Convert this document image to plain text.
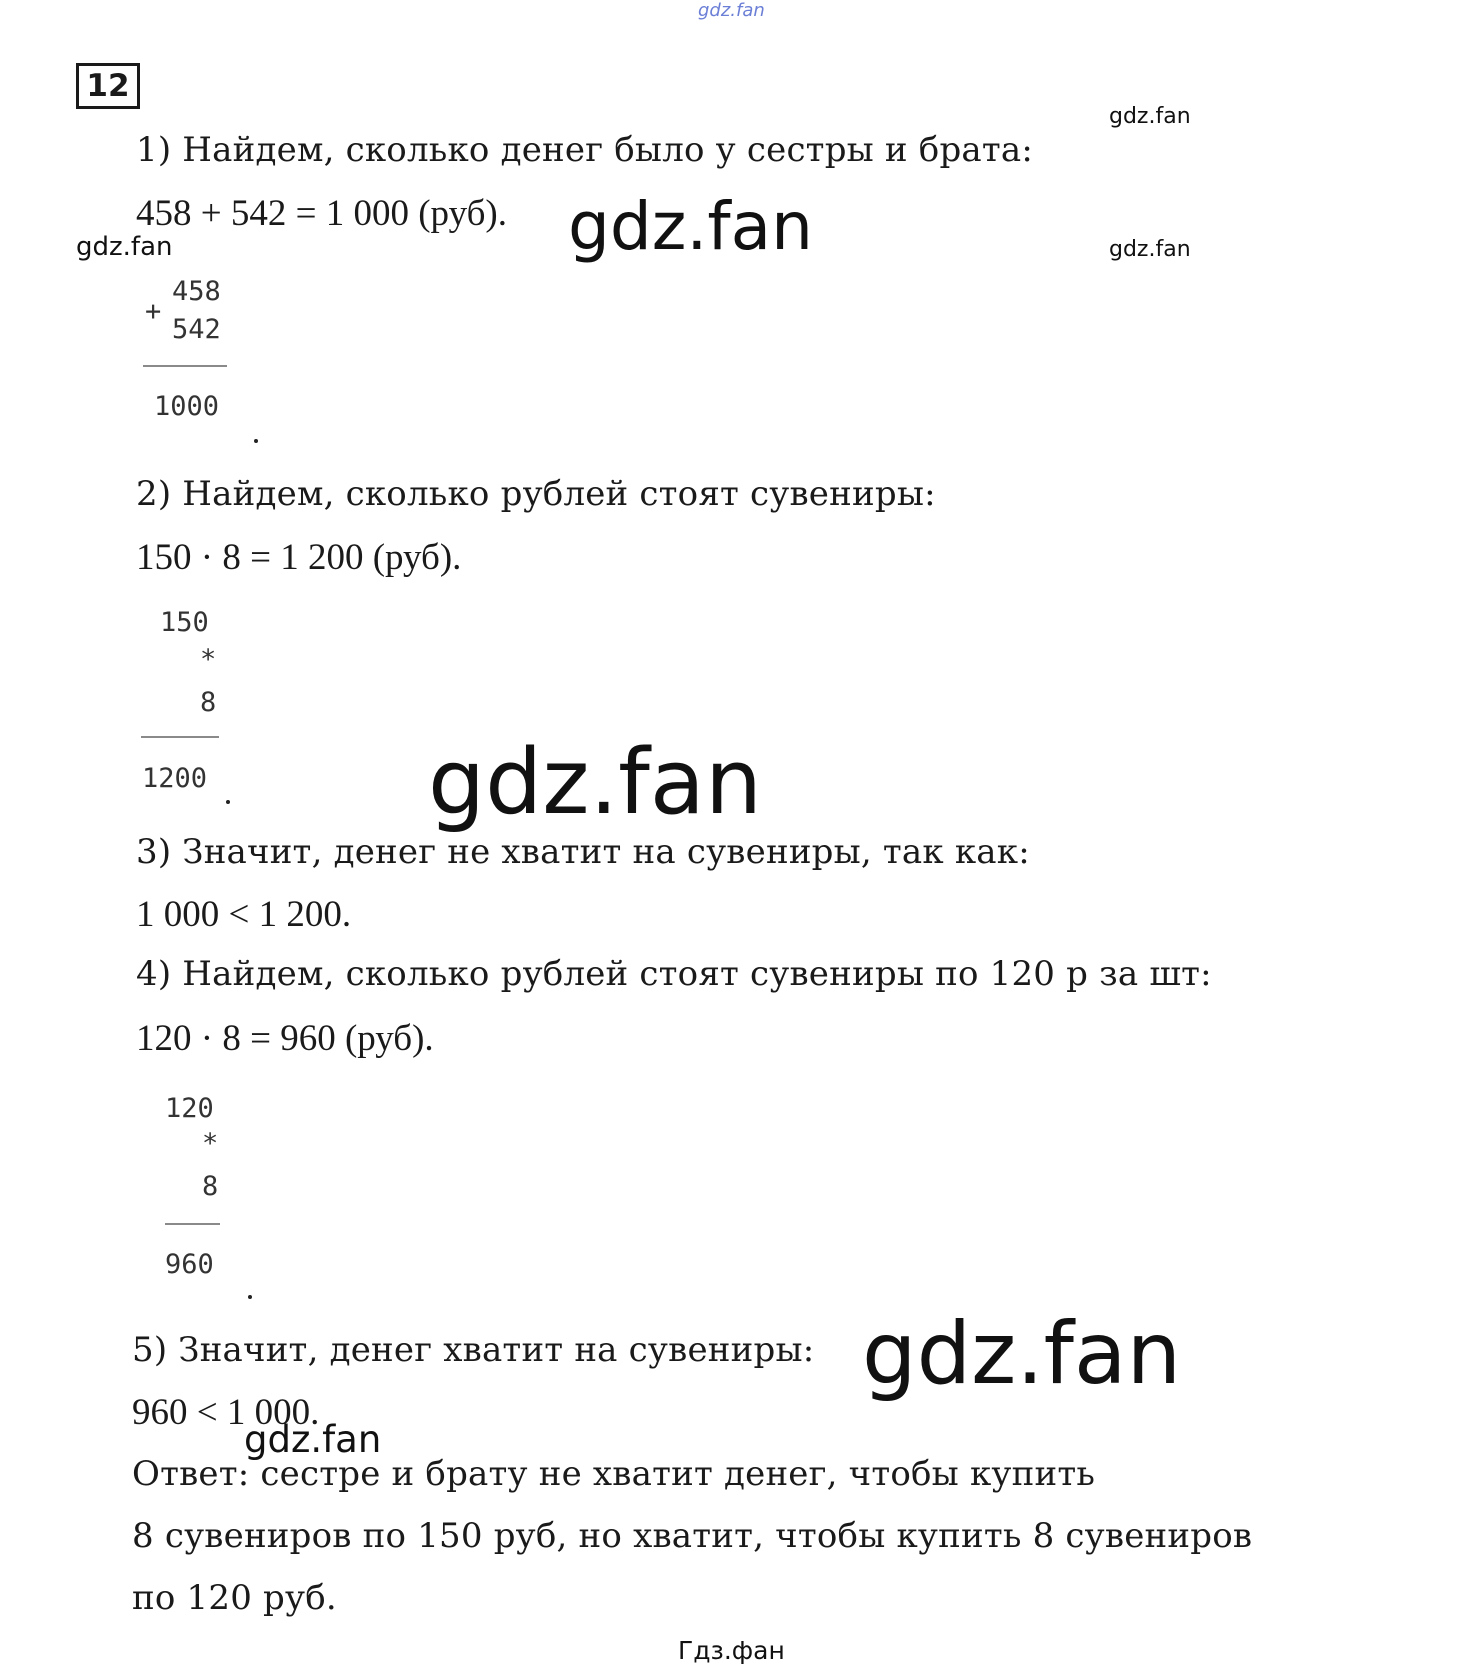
gdz.fan
12
gdz.fan
gdz.fan
gdz.fan
1) Найдем, сколько денег было у сестры и брата:
458 + 542 = 1 000 (руб). gdz.fan
458
+
542
1000
2) Найдем, сколько рублей стоят сувениры:
150 · 8 = 1 200 (руб).
150
*
8
1200 gdz.fan
3) Значит, денег не хватит на сувениры, так как:
1 000 < 1 200.
4) Найдем, сколько рублей стоят сувениры по 120 р за шт:
120 · 8 = 960 (руб).
120
*
8
960
5) Значит, денег хватит на сувениры:
960 < 1 000.
gdz.fan
gdz.fan
Ответ: сестре и брату не хватит денег, чтобы купить
8 сувениров по 150 руб, но хватит, чтобы купить 8 сувениров
по 120 руб.
Гдз.фан
